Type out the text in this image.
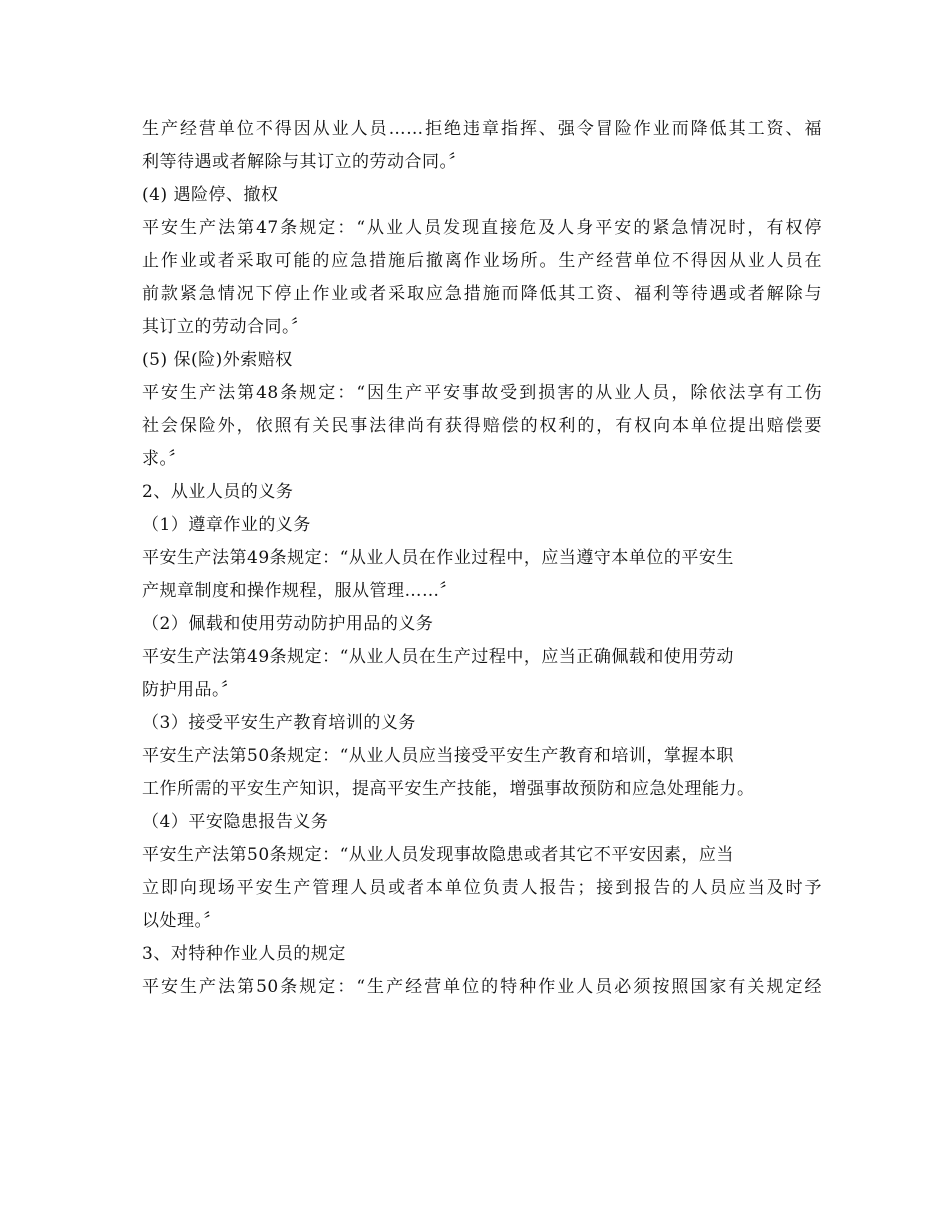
生产经营单位不得因从业人员……拒绝违章指挥、强令冒险作业而降低其工资、福
利等待遇或者解除与其订立的劳动合同。〞
(4) 遇险停、撤权
平安生产法第47条规定：“从业人员发现直接危及人身平安的紧急情况时，有权停
止作业或者采取可能的应急措施后撤离作业场所。生产经营单位不得因从业人员在
前款紧急情况下停止作业或者采取应急措施而降低其工资、福利等待遇或者解除与
其订立的劳动合同。〞
(5) 保(险)外索赔权
平安生产法第48条规定：“因生产平安事故受到损害的从业人员，除依法享有工伤
社会保险外，依照有关民事法律尚有获得赔偿的权利的，有权向本单位提出赔偿要
求。〞
2、从业人员的义务
（1）遵章作业的义务
平安生产法第49条规定：“从业人员在作业过程中，应当遵守本单位的平安生
产规章制度和操作规程，服从管理……〞
（2）佩载和使用劳动防护用品的义务
平安生产法第49条规定：“从业人员在生产过程中，应当正确佩载和使用劳动
防护用品。〞
（3）接受平安生产教育培训的义务
平安生产法第50条规定：“从业人员应当接受平安生产教育和培训，掌握本职
工作所需的平安生产知识，提高平安生产技能，增强事故预防和应急处理能力。
（4）平安隐患报告义务
平安生产法第50条规定：“从业人员发现事故隐患或者其它不平安因素，应当
立即向现场平安生产管理人员或者本单位负责人报告；接到报告的人员应当及时予
以处理。〞
3、对特种作业人员的规定
平安生产法第50条规定：“生产经营单位的特种作业人员必须按照国家有关规定经
